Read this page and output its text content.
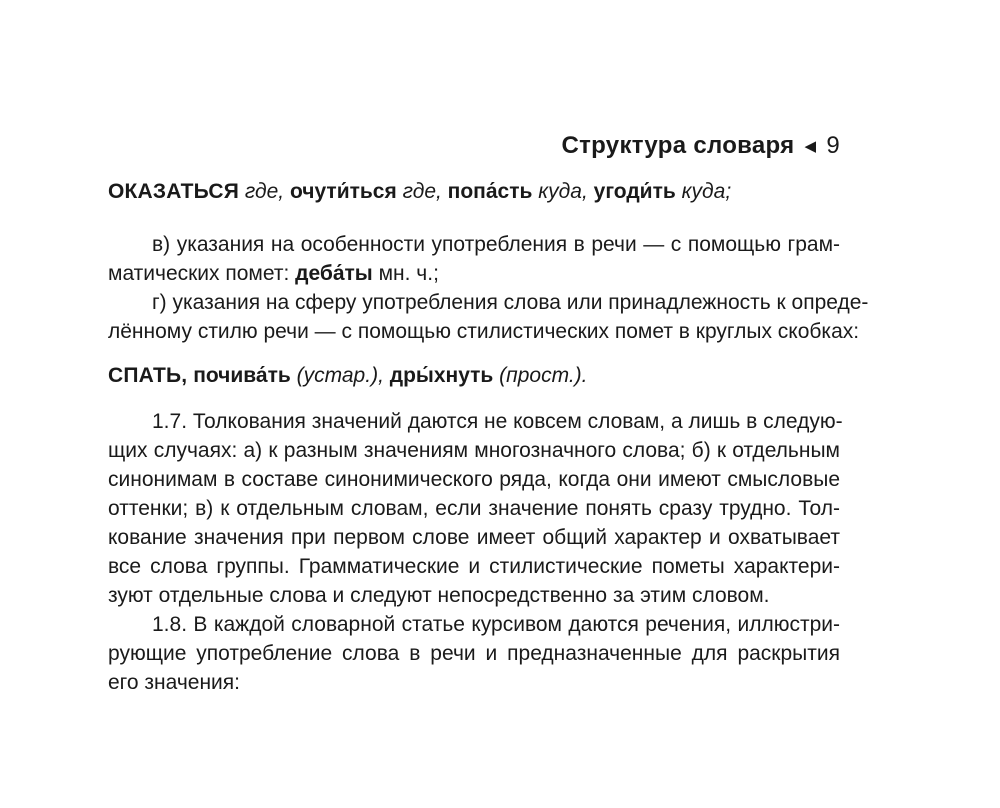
Структура словаря ◀ 9
ОКАЗАТЬСЯ где, очути́ться где, попа́сть куда, угоди́ть куда;
в) указания на особенности употребления в речи — с помощью грам-
матических помет: деба́ты мн. ч.;
г) указания на сферу употребления слова или принадлежность к опреде-
лённому стилю речи — с помощью стилистических помет в круглых скобках:
СПАТЬ, почива́ть (устар.), дры́хнуть (прост.).
1.7. Толкования значений даются не ковсем словам, а лишь в следую-
щих случаях: а) к разным значениям многозначного слова; б) к отдельным
синонимам в составе синонимического ряда, когда они имеют смысловые
оттенки; в) к отдельным словам, если значение понять сразу трудно. Тол-
кование значения при первом слове имеет общий характер и охватывает
все слова группы. Грамматические и стилистические пометы характери-
зуют отдельные слова и следуют непосредственно за этим словом.
1.8. В каждой словарной статье курсивом даются речения, иллюстри-
рующие употребление слова в речи и предназначенные для раскрытия
его значения:
